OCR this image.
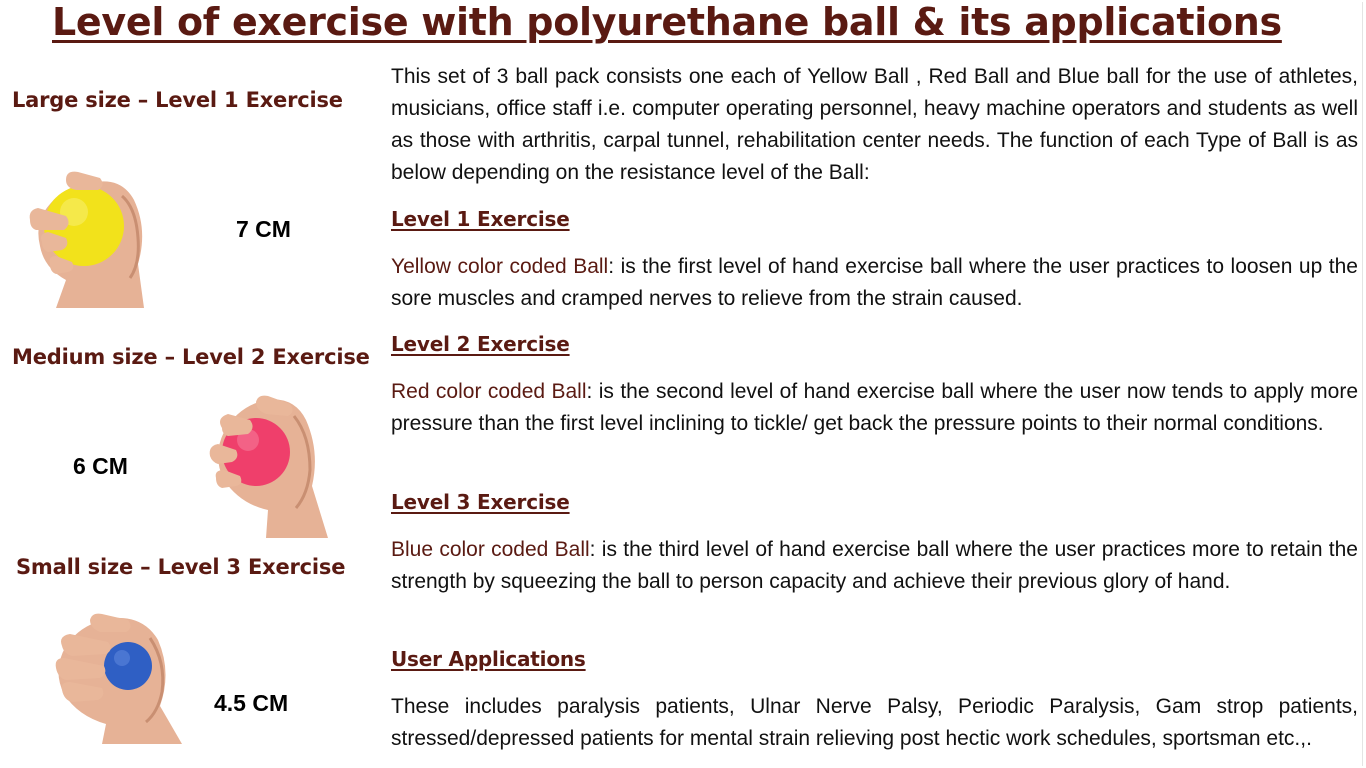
Level of exercise with polyurethane ball & its applications
Large size – Level 1 Exercise
7 CM
Medium size – Level 2 Exercise
6 CM
Small size – Level 3 Exercise
4.5 CM

This set of 3 ball pack consists one each of Yellow Ball , Red Ball and Blue ball for the use of athletes, musicians, office staff i.e. computer operating personnel, heavy machine operators and students as well as those with arthritis, carpal tunnel, rehabilitation center needs. The function of each Type of Ball is as below depending on the resistance level of the Ball:

Level 1 Exercise

Yellow color coded Ball: is the first level of hand exercise ball where the user practices to loosen up the sore muscles and cramped nerves to relieve from the strain caused.

Level 2 Exercise

Red color coded Ball: is the second level of hand exercise ball where the user now tends to apply more pressure than the first level inclining to tickle/ get back the pressure points to their normal conditions.

Level 3 Exercise

Blue color coded Ball: is the third level of hand exercise ball where the user practices more to retain the strength by squeezing the ball to person capacity and achieve their previous glory of hand.

User Applications

These includes paralysis patients, Ulnar Nerve Palsy, Periodic Paralysis, Gam strop patients, stressed/depressed patients for mental strain relieving post hectic work schedules, sportsman etc.,.
